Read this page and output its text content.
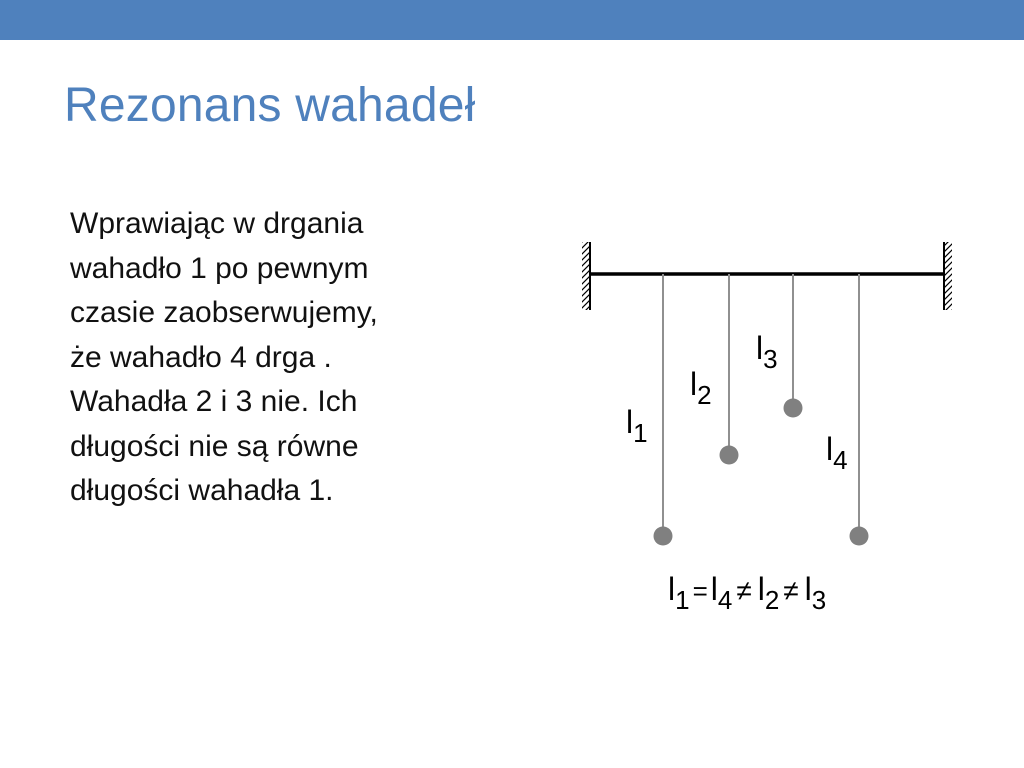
Rezonans wahadeł
Wprawiając w drgania
wahadło 1 po pewnym
czasie zaobserwujemy,
że wahadło 4 drga .
Wahadła 2 i 3 nie. Ich
długości nie są równe
długości wahadła 1.
$l_1$
$l_2$
$l_3$
$l_4$
$l_1$ $^=l_4 \ne l_2 \ne l_3$
